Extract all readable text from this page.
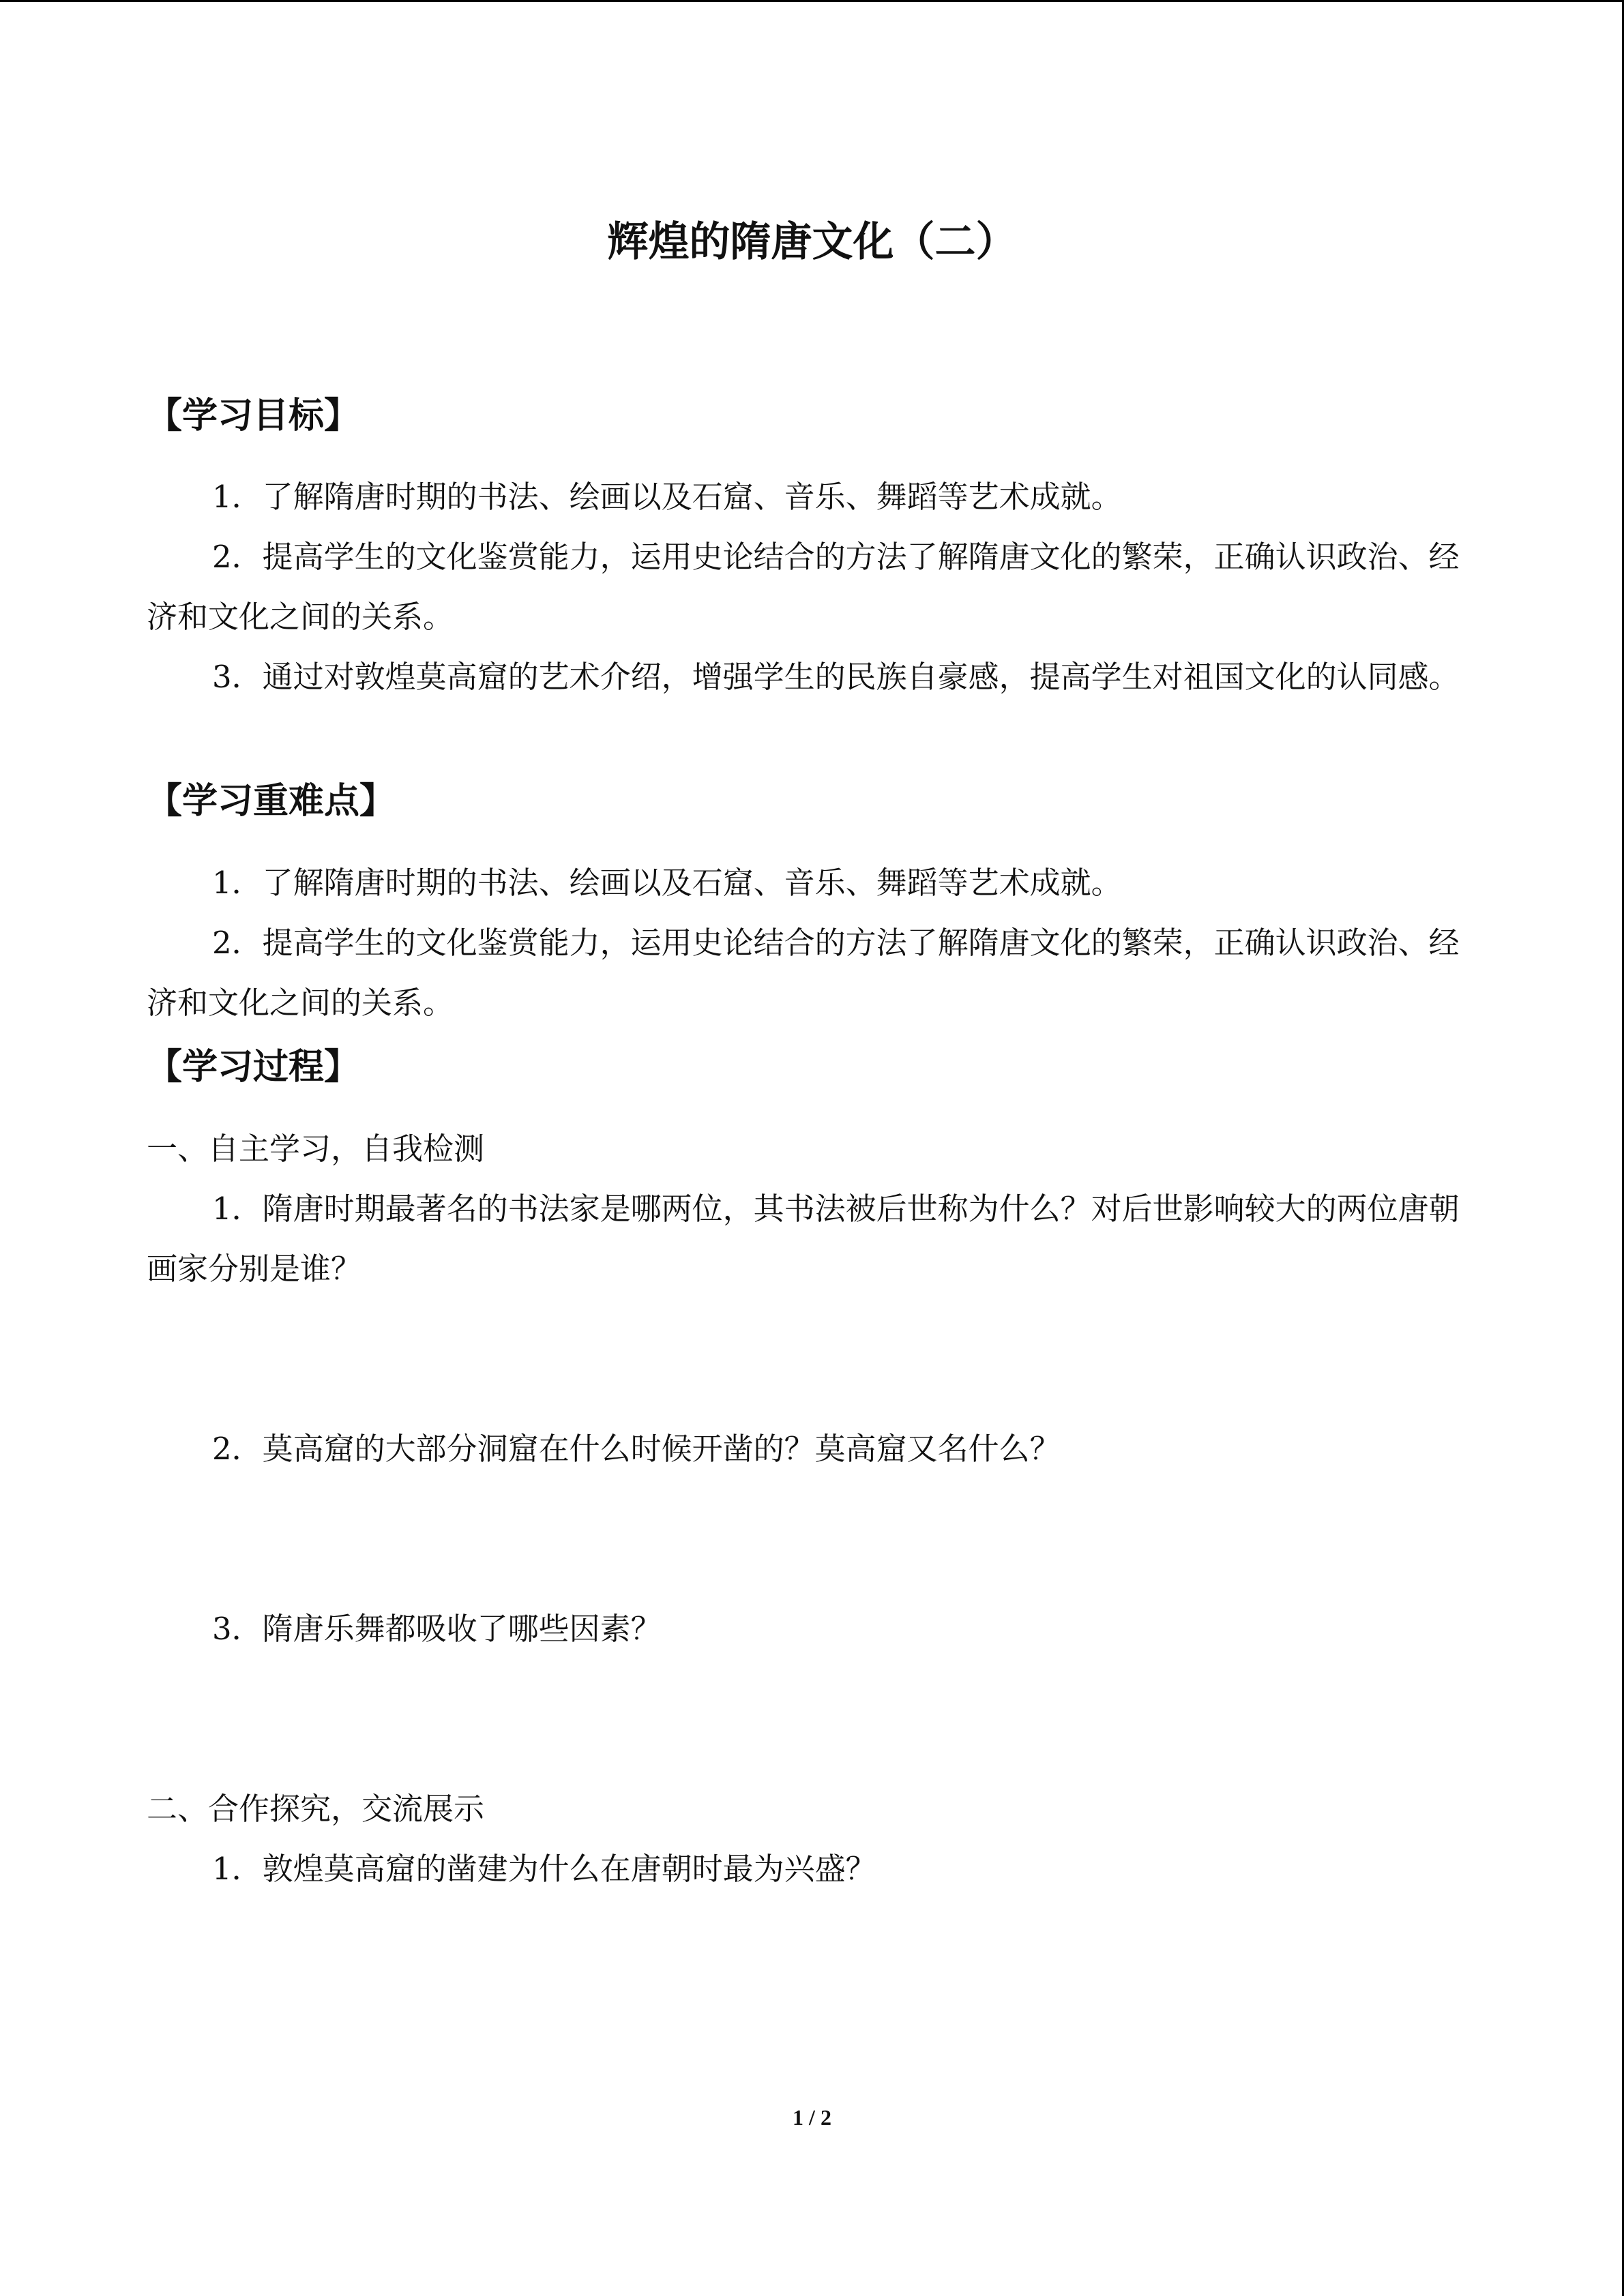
辉煌的隋唐文化（二）
【学习目标】

1．了解隋唐时期的书法、绘画以及石窟、音乐、舞蹈等艺术成就。

2．提高学生的文化鉴赏能力，运用史论结合的方法了解隋唐文化的繁荣，正确认识政治、经济和文化之间的关系。

3．通过对敦煌莫高窟的艺术介绍，增强学生的民族自豪感，提高学生对祖国文化的认同感。

【学习重难点】

1．了解隋唐时期的书法、绘画以及石窟、音乐、舞蹈等艺术成就。

2．提高学生的文化鉴赏能力，运用史论结合的方法了解隋唐文化的繁荣，正确认识政治、经济和文化之间的关系。

【学习过程】

一、自主学习，自我检测

1．隋唐时期最著名的书法家是哪两位，其书法被后世称为什么？对后世影响较大的两位唐朝画家分别是谁？

2．莫高窟的大部分洞窟在什么时候开凿的？莫高窟又名什么？

3．隋唐乐舞都吸收了哪些因素？

二、合作探究，交流展示

1．敦煌莫高窟的凿建为什么在唐朝时最为兴盛？

1 / 2
